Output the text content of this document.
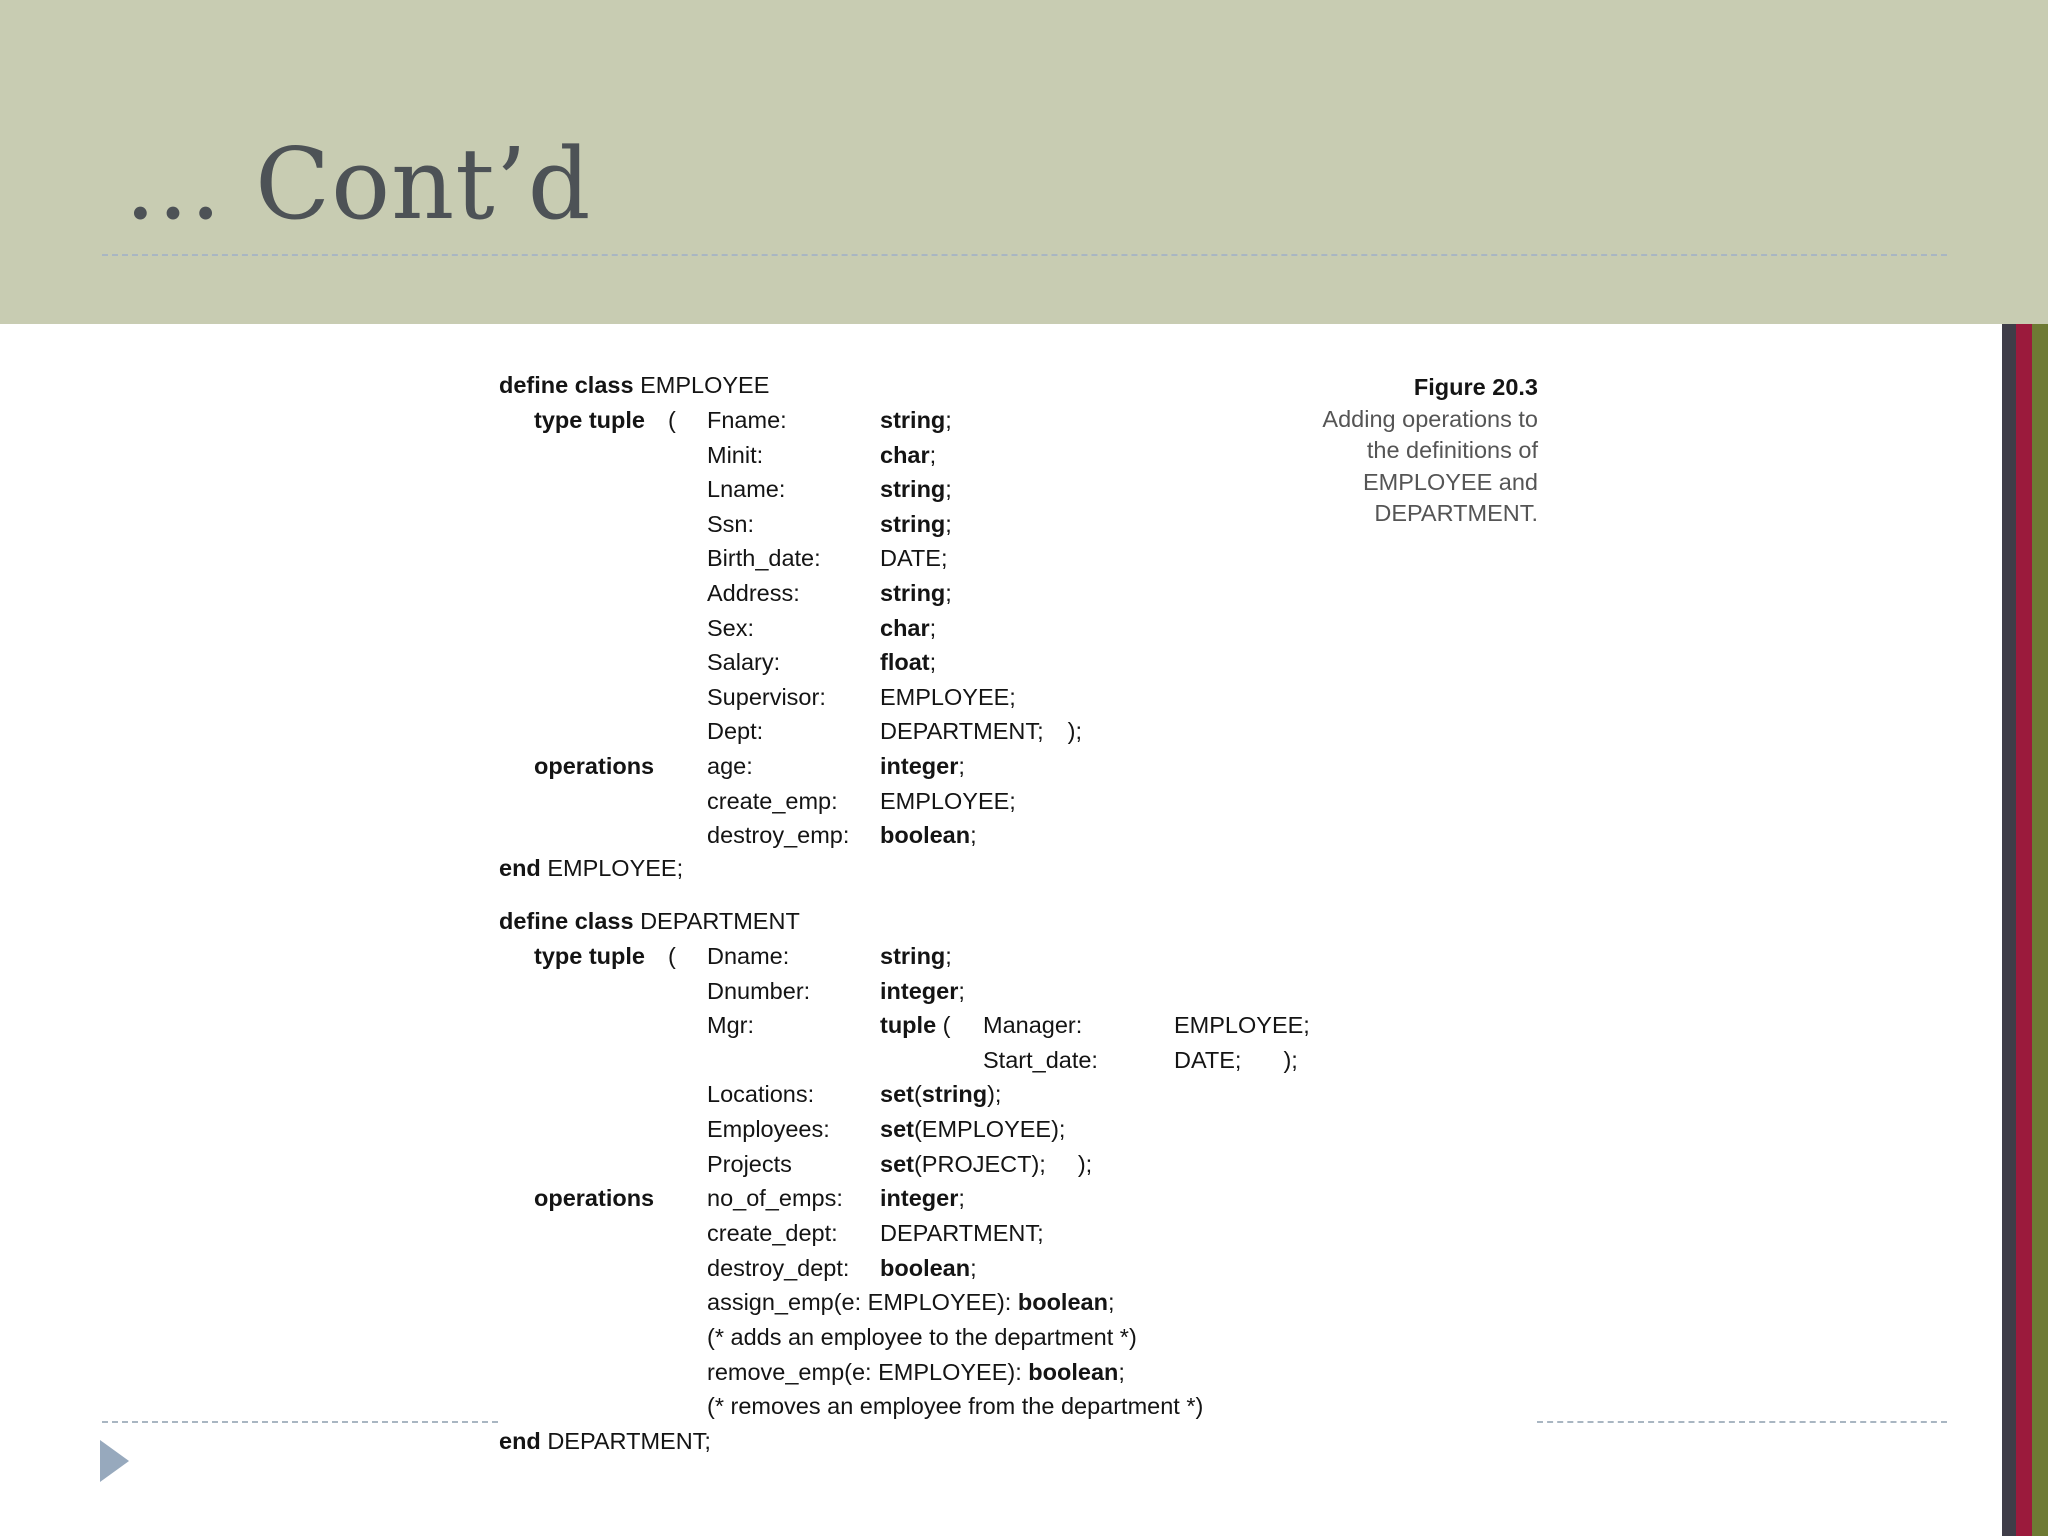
… Cont’d
define class EMPLOYEE
type tuple ( Fname:	string;
Minit:	char;
Lname:	string;
Ssn:	string;
Birth_date:	DATE;
Address:	string;
Sex:	char;
Salary:	float;
Supervisor: EMPLOYEE;
Dept:	DEPARTMENT; );
operations age:	integer;
create_emp: EMPLOYEE;
destroy_emp: boolean;
end EMPLOYEE;
define class DEPARTMENT
type tuple ( Dname:	string;
Dnumber:	integer;
Mgr:	tuple ( Manager:	EMPLOYEE;
Start_date:	DATE; );
Locations:	set(string);
Employees: set(EMPLOYEE);
Projects	set(PROJECT); );
operations no_of_emps: integer;
create_dept: DEPARTMENT;
destroy_dept: boolean;
assign_emp(e: EMPLOYEE): boolean;
(* adds an employee to the department *)
remove_emp(e: EMPLOYEE): boolean;
(* removes an employee from the department *)
end DEPARTMENT;
Figure 20.3
Adding operations to
the definitions of
EMPLOYEE and
DEPARTMENT.
